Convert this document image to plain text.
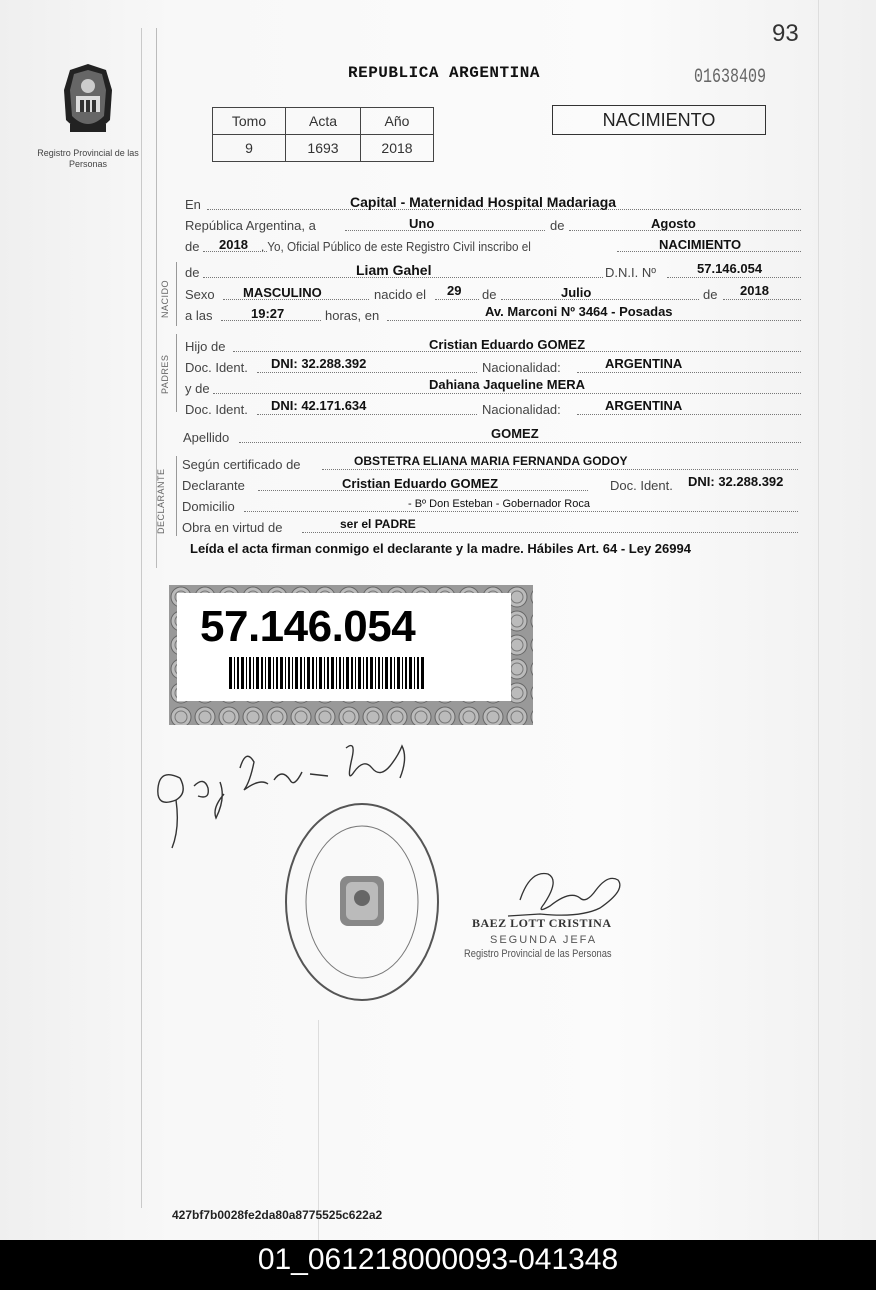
93
Registro Provincial de las Personas
REPUBLICA ARGENTINA	01638409
Tomo	Acta	Año
9	1693	2018
NACIMIENTO
En	Capital - Maternidad Hospital Madariaga
República Argentina, a	Uno	de	Agosto
de 2018 . Yo, Oficial Público de este Registro Civil inscribo el	NACIMIENTO
NACIDO
de	Liam Gahel	D.N.I. Nº	57.146.054
Sexo MASCULINO	nacido el 29 de	Julio	de 2018
a las	19:27	horas, en	Av. Marconi Nº 3464 - Posadas
PADRES
Hijo de	Cristian Eduardo GOMEZ
Doc. Ident. DNI: 32.288.392	Nacionalidad:	ARGENTINA
y de	Dahiana Jaqueline MERA
Doc. Ident. DNI: 42.171.634	Nacionalidad:	ARGENTINA
Apellido	GOMEZ
DECLARANTE
Según certificado de	OBSTETRA ELIANA MARIA FERNANDA GODOY
Declarante	Cristian Eduardo GOMEZ	Doc. Ident. DNI: 32.288.392
Domicilio	- Bº Don Esteban - Gobernador Roca
Obra en virtud de	ser el PADRE
Leída el acta firman conmigo el declarante y la madre. Hábiles Art. 64 - Ley 26994
57.146.054
BAEZ LOTT CRISTINA
SEGUNDA JEFA
Registro Provincial de las Personas
427bf7b0028fe2da80a8775525c622a2
01_061218000093-041348
